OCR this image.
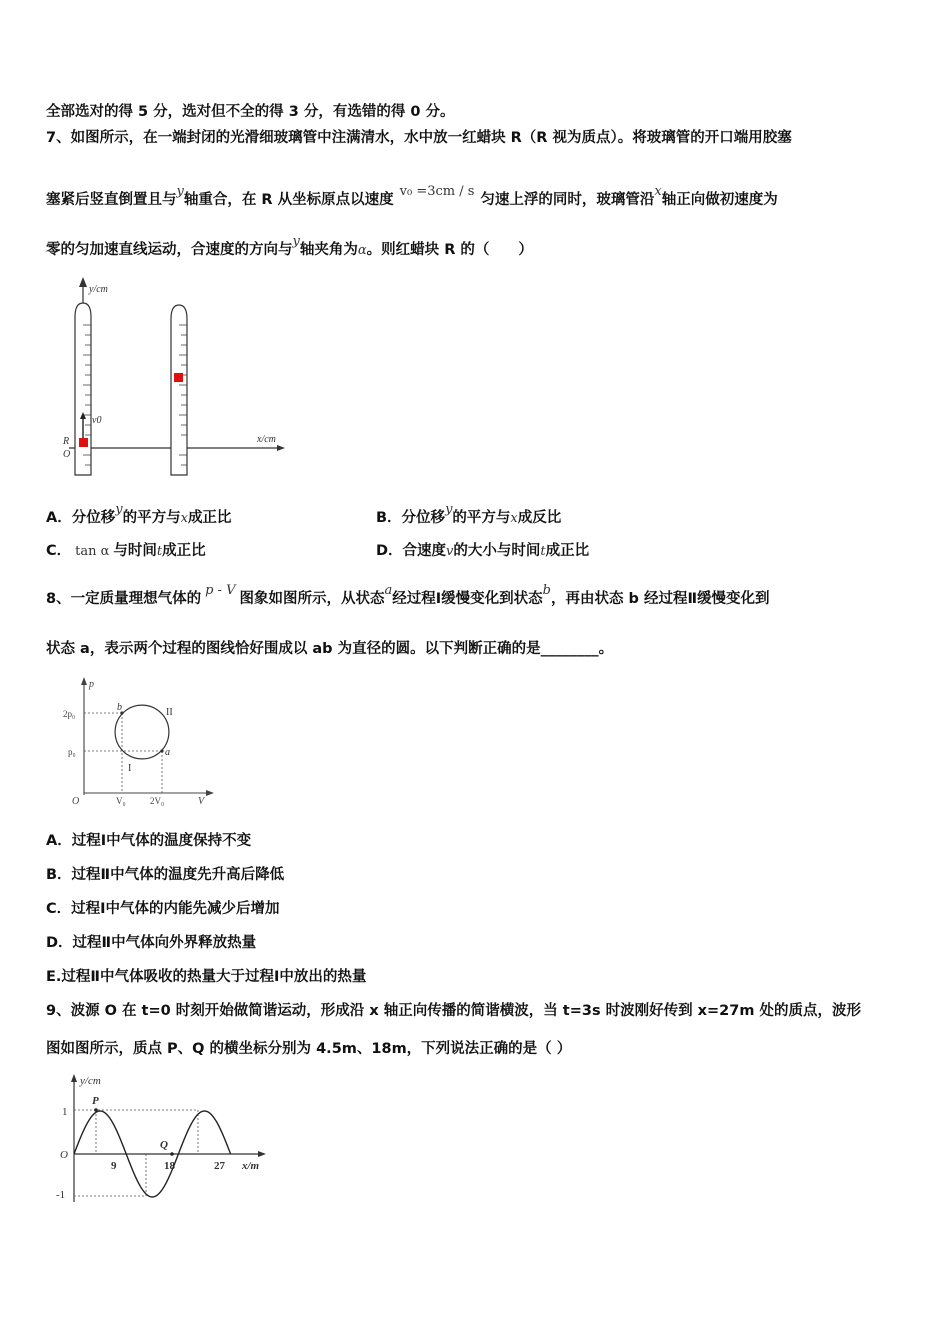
全部选对的得 5 分，选对但不全的得 3 分，有选错的得 0 分。
7、如图所示，在一端封闭的光滑细玻璃管中注满清水，水中放一红蜡块 R（R 视为质点）。将玻璃管的开口端用胶塞
塞紧后竖直倒置且与y轴重合，在 R 从坐标原点以速度v₀ =3cm / s匀速上浮的同时，玻璃管沿x轴正向做初速度为
零的匀加速直线运动，合速度的方向与y轴夹角为α。则红蜡块 R 的（　　）
y/cm
x/cm
v0
R
O
A．分位移y的平方与x成正比	B．分位移y的平方与x成反比
C． tan α 与时间t成正比	D．合速度v的大小与时间t成正比
8、一定质量理想气体的p - V图象如图所示，从状态a经过程Ⅰ缓慢变化到状态b，再由状态 b 经过程Ⅱ缓慢变化到
状态 a，表示两个过程的图线恰好围成以 ab 为直径的圆。以下判断正确的是________。
p
V
O
2p₀
p₀
V₀	2V₀
b
a
I
II
A．过程Ⅰ中气体的温度保持不变
B．过程Ⅱ中气体的温度先升高后降低
C．过程Ⅰ中气体的内能先减少后增加
D．过程Ⅱ中气体向外界释放热量
E.过程Ⅱ中气体吸收的热量大于过程Ⅰ中放出的热量
9、波源 O 在 t=0 时刻开始做简谐运动，形成沿 x 轴正向传播的简谐横波，当 t=3s 时波刚好传到 x=27m 处的质点，波形
图如图所示，质点 P、Q 的横坐标分别为 4.5m、18m，下列说法正确的是（ ）
y/cm
x/m
O
1
-1
9	18	27
P
Q
